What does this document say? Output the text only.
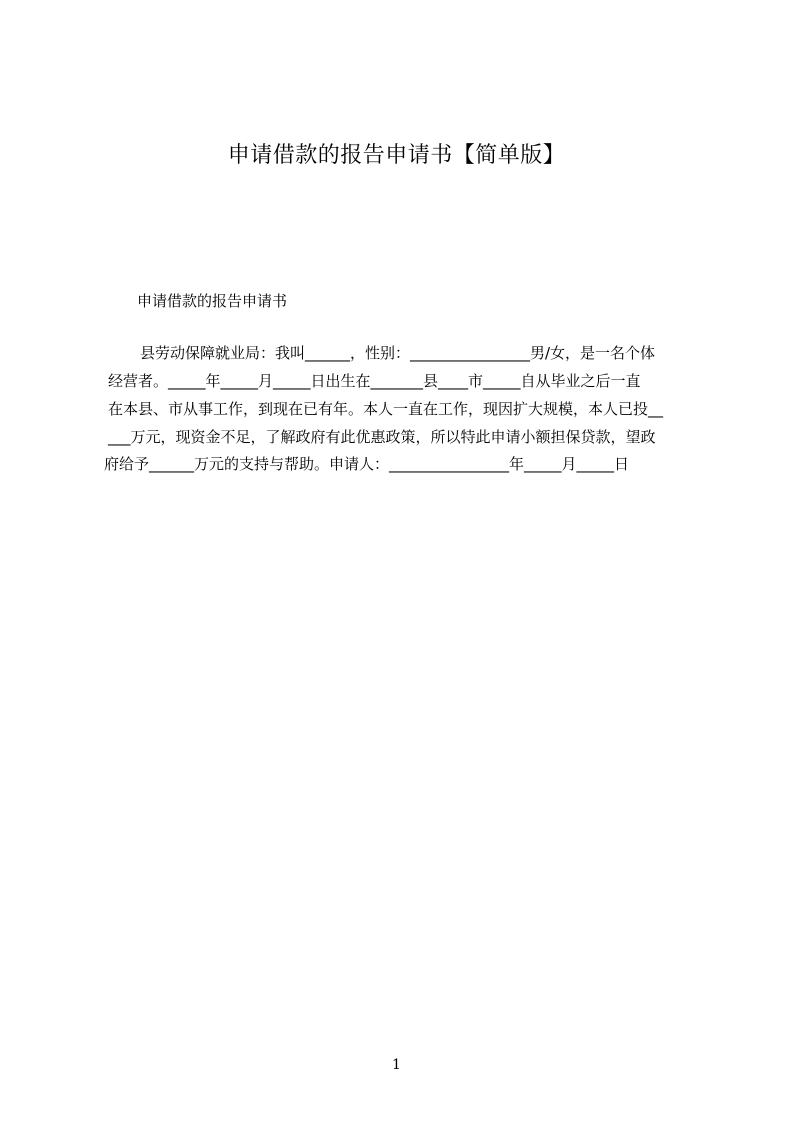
申请借款的报告申请书【简单版】
申请借款的报告申请书
县劳动保障就业局：我叫______，性别：________________男/女，是一名个体
经营者。_____年_____月_____日出生在_______县____市_____自从毕业之后一直
在本县、市从事工作，到现在已有年。本人一直在工作，现因扩大规模，本人已投__
___万元，现资金不足，了解政府有此优惠政策，所以特此申请小额担保贷款，望政
府给予______万元的支持与帮助。申请人：________________年_____月_____日
1
